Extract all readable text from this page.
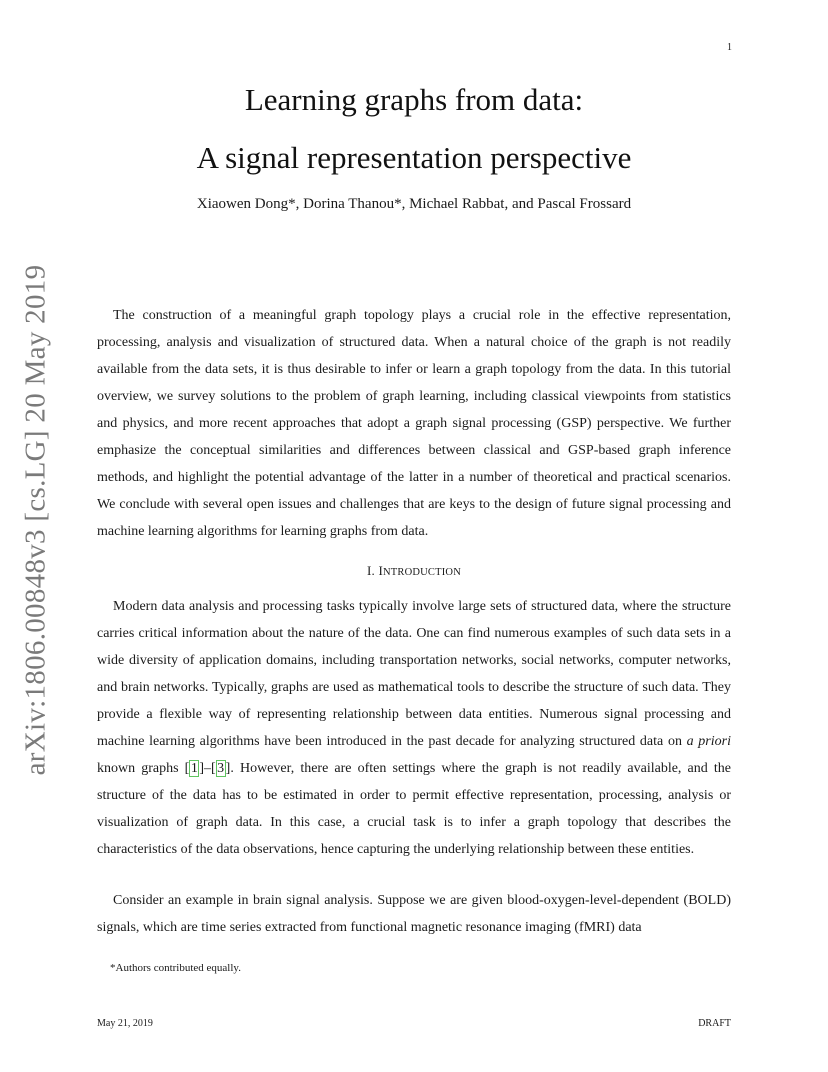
1
arXiv:1806.00848v3 [cs.LG] 20 May 2019
Learning graphs from data:
A signal representation perspective
Xiaowen Dong*, Dorina Thanou*, Michael Rabbat, and Pascal Frossard

The construction of a meaningful graph topology plays a crucial role in the effective representation, processing, analysis and visualization of structured data. When a natural choice of the graph is not readily available from the data sets, it is thus desirable to infer or learn a graph topology from the data. In this tutorial overview, we survey solutions to the problem of graph learning, including classical viewpoints from statistics and physics, and more recent approaches that adopt a graph signal processing (GSP) perspective. We further emphasize the conceptual similarities and differences between classical and GSP-based graph inference methods, and highlight the potential advantage of the latter in a number of theoretical and practical scenarios. We conclude with several open issues and challenges that are keys to the design of future signal processing and machine learning algorithms for learning graphs from data.

I. INTRODUCTION

Modern data analysis and processing tasks typically involve large sets of structured data, where the structure carries critical information about the nature of the data. One can find numerous examples of such data sets in a wide diversity of application domains, including transportation networks, social networks, computer networks, and brain networks. Typically, graphs are used as mathematical tools to describe the structure of such data. They provide a flexible way of representing relationship between data entities. Numerous signal processing and machine learning algorithms have been introduced in the past decade for analyzing structured data on a priori known graphs [ 1 ]–[ 3 ]. However, there are often settings where the graph is not readily available, and the structure of the data has to be estimated in order to permit effective representation, processing, analysis or visualization of graph data. In this case, a crucial task is to infer a graph topology that describes the characteristics of the data observations, hence capturing the underlying relationship between these entities.

Consider an example in brain signal analysis. Suppose we are given blood-oxygen-level-dependent (BOLD) signals, which are time series extracted from functional magnetic resonance imaging (fMRI) data

*Authors contributed equally.
May 21, 2019	DRAFT
